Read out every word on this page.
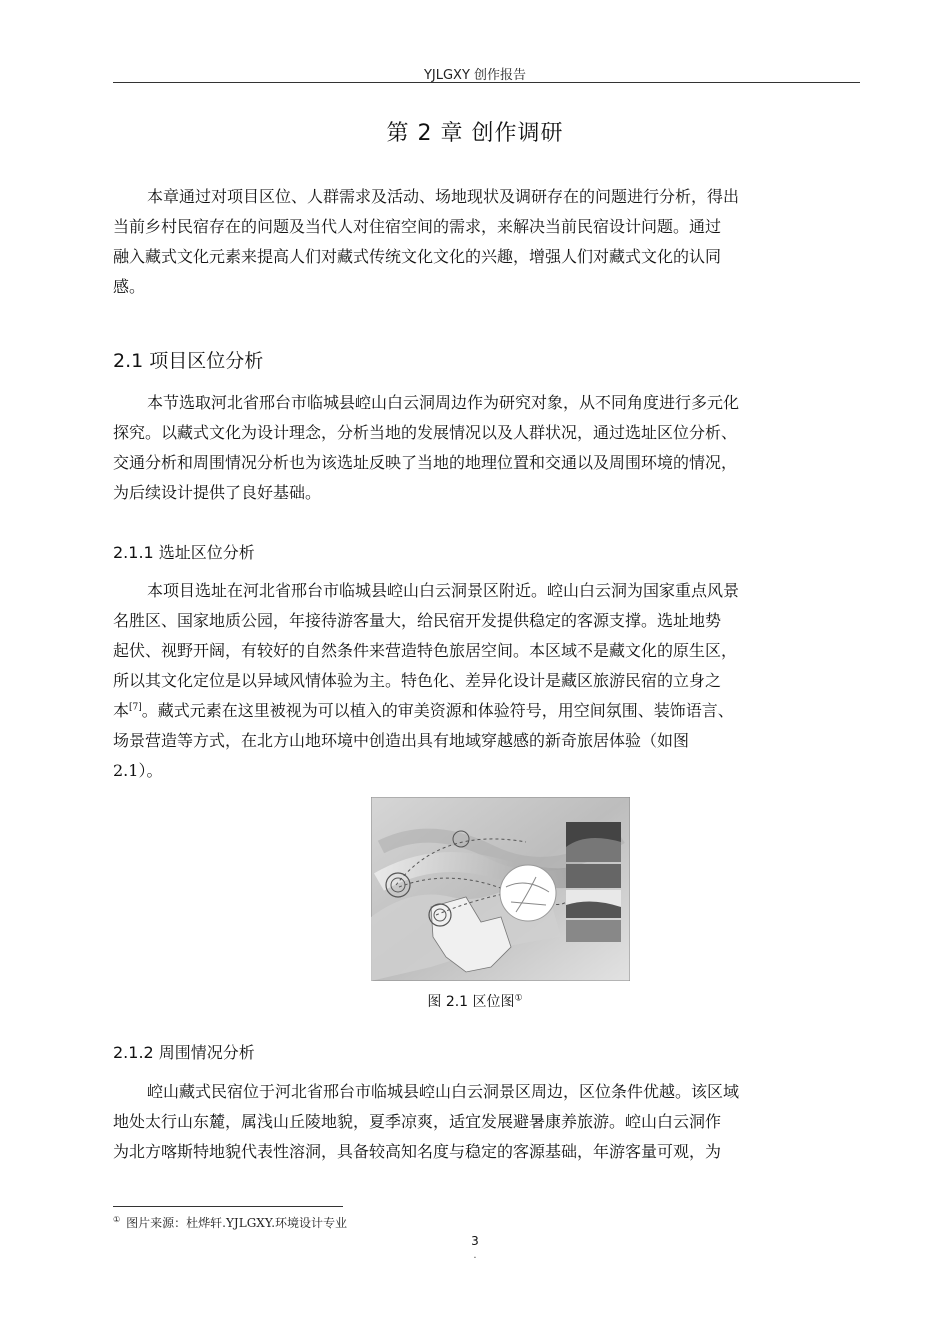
YJLGXY 创作报告
第 2 章 创作调研
本章通过对项目区位、人群需求及活动、场地现状及调研存在的问题进行分析，得出
当前乡村民宿存在的问题及当代人对住宿空间的需求，来解决当前民宿设计问题。通过
融入藏式文化元素来提高人们对藏式传统文化文化的兴趣，增强人们对藏式文化的认同
感。
2.1 项目区位分析
本节选取河北省邢台市临城县崆山白云洞周边作为研究对象，从不同角度进行多元化
探究。以藏式文化为设计理念，分析当地的发展情况以及人群状况，通过选址区位分析、
交通分析和周围情况分析也为该选址反映了当地的地理位置和交通以及周围环境的情况，
为后续设计提供了良好基础。
2.1.1 选址区位分析
本项目选址在河北省邢台市临城县崆山白云洞景区附近。崆山白云洞为国家重点风景
名胜区、国家地质公园，年接待游客量大，给民宿开发提供稳定的客源支撑。选址地势
起伏、视野开阔，有较好的自然条件来营造特色旅居空间。本区域不是藏文化的原生区，
所以其文化定位是以异域风情体验为主。特色化、差异化设计是藏区旅游民宿的立身之
本[7]。藏式元素在这里被视为可以植入的审美资源和体验符号，用空间氛围、装饰语言、
场景营造等方式，在北方山地环境中创造出具有地域穿越感的新奇旅居体验（如图
2.1）。
图 2.1 区位图①
2.1.2 周围情况分析
崆山藏式民宿位于河北省邢台市临城县崆山白云洞景区周边，区位条件优越。该区域
地处太行山东麓，属浅山丘陵地貌，夏季凉爽，适宜发展避暑康养旅游。崆山白云洞作
为北方喀斯特地貌代表性溶洞，具备较高知名度与稳定的客源基础，年游客量可观，为
① 图片来源：杜烨轩.YJLGXY.环境设计专业
3
.
